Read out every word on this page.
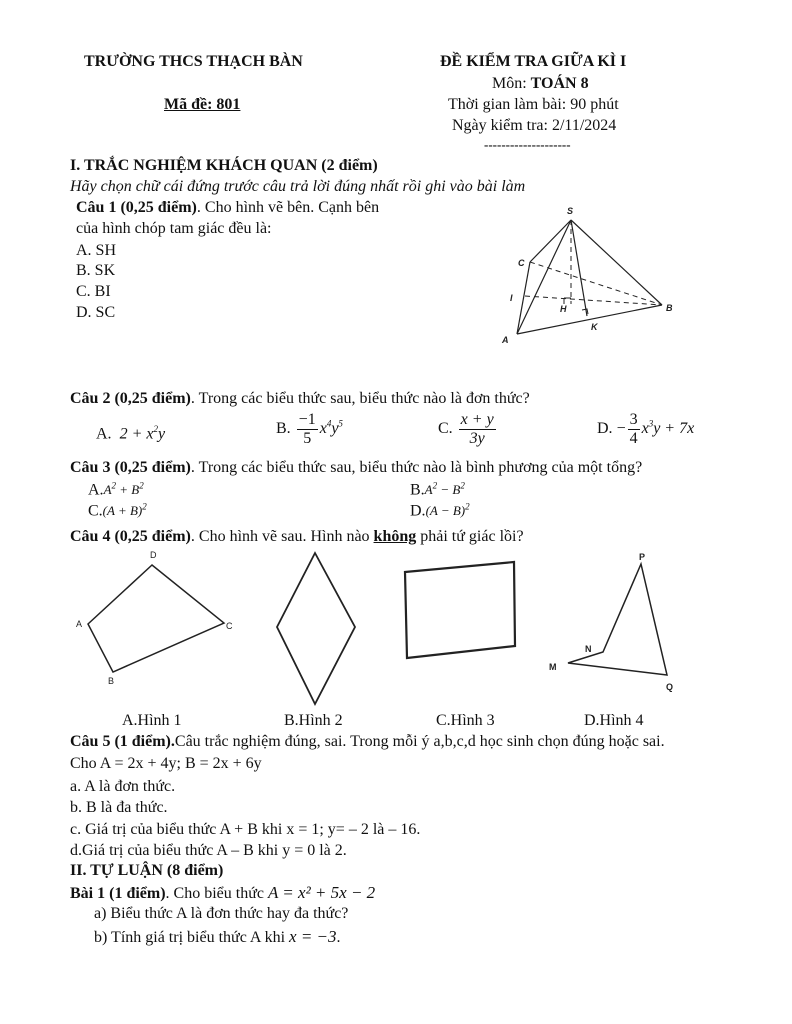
TRƯỜNG THCS THẠCH BÀN
Mã đề: 801
ĐỀ KIỂM TRA GIỮA KÌ I
Môn: TOÁN 8
Thời gian làm bài: 90 phút
Ngày kiểm tra: 2/11/2024
--------------------
I. TRẮC NGHIỆM KHÁCH QUAN (2 điểm)
Hãy chọn chữ cái đứng trước câu trả lời đúng nhất rồi ghi vào bài làm
Câu 1 (0,25 điểm). Cho hình vẽ bên. Cạnh bên
của hình chóp tam giác đều là:
A. SH
B. SK
C. BI
D. SC
S
C
I
H	B
K
A
Câu 2 (0,25 điểm). Trong các biểu thức sau, biểu thức nào là đơn thức?
A. $2 + x^2y$	B. $\frac{-1}{5} x^4y^5$	C. $\frac{x + y}{3y}$	D. − $\frac{3}{4} x^3y + 7x$
Câu 3 (0,25 điểm). Trong các biểu thức sau, biểu thức nào là bình phương của một tổng?
$A.A^2 + B^2$	$B.A^2 - B^2$
$C.(A + B)^2$	$D.(A - B)^2$
Câu 4 (0,25 điểm). Cho hình vẽ sau. Hình nào không phải tứ giác lồi?
D
A	C
B
P
N
M
Q
A.Hình 1	B.Hình 2	C.Hình 3	D.Hình 4
Câu 5 (1 điểm).Câu trắc nghiệm đúng, sai. Trong mỗi ý a,b,c,d học sinh chọn đúng hoặc sai.
Cho A = 2x + 4y; B = 2x + 6y
a. A là đơn thức.
b. B là đa thức.
c. Giá trị của biểu thức A + B khi x = 1; y= – 2 là – 16.
d.Giá trị của biểu thức A – B khi y = 0 là 2.
II. TỰ LUẬN (8 điểm)
Bài 1 (1 điểm). Cho biểu thức A = x² + 5x − 2
a) Biểu thức A là đơn thức hay đa thức?
b) Tính giá trị biểu thức A khi x = −3.
